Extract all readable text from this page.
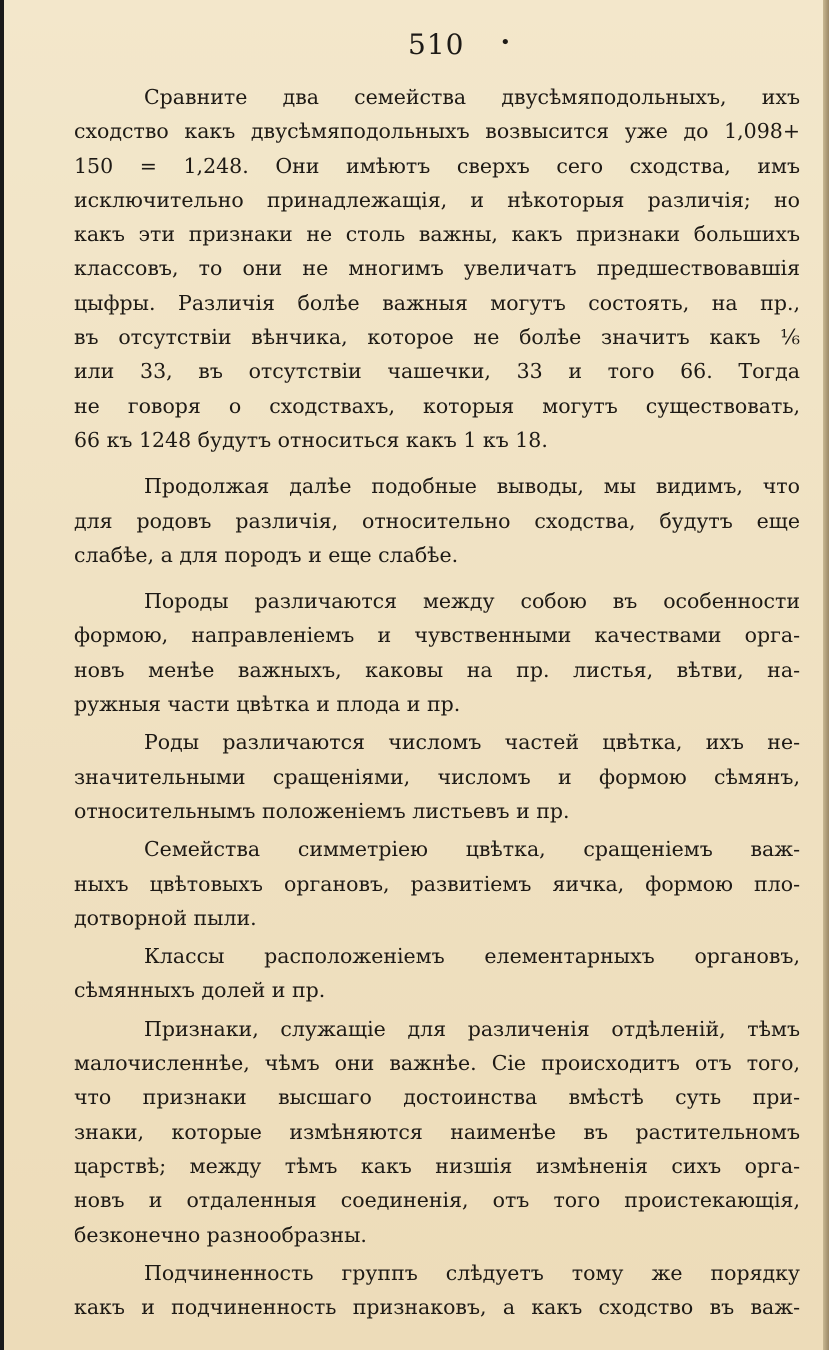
510 •
Сравните два семейства двусѣмяподольныхъ, ихъ
сходство какъ двусѣмяподольныхъ возвысится уже до 1,098+
150 = 1,248. Они имѣютъ сверхъ сего сходства, имъ
исключительно принадлежащія, и нѣкоторыя различія; но
какъ эти признаки не столь важны, какъ признаки большихъ
классовъ, то они не многимъ увеличатъ предшествовавшія
цыфры. Различія болѣе важныя могутъ состоять, на пр.,
въ отсутствіи вѣнчика, которое не болѣе значитъ какъ ⅙
или 33, въ отсутствіи чашечки, 33 и того 66. Тогда
не говоря о сходствахъ, которыя могутъ существовать,
66 къ 1248 будутъ относиться какъ 1 къ 18.
Продолжая далѣе подобные выводы, мы видимъ, что
для родовъ различія, относительно сходства, будутъ еще
слабѣе, а для породъ и еще слабѣе.
Породы различаются между собою въ особенности
формою, направленіемъ и чувственными качествами орга-
новъ менѣе важныхъ, каковы на пр. листья, вѣтви, на-
ружныя части цвѣтка и плода и пр.
Роды различаются числомъ частей цвѣтка, ихъ не-
значительными сращеніями, числомъ и формою сѣмянъ,
относительнымъ положеніемъ листьевъ и пр.
Семейства симметріею цвѣтка, сращеніемъ важ-
ныхъ цвѣтовыхъ органовъ, развитіемъ яичка, формою пло-
дотворной пыли.
Классы расположеніемъ елементарныхъ органовъ,
сѣмянныхъ долей и пр.
Признаки, служащіе для различенія отдѣленій, тѣмъ
малочисленнѣе, чѣмъ они важнѣе. Сіе происходитъ отъ того,
что признаки высшаго достоинства вмѣстѣ суть при-
знаки, которые измѣняются наименѣе въ растительномъ
царствѣ; между тѣмъ какъ низшія измѣненія сихъ орга-
новъ и отдаленныя соединенія, отъ того проистекающія,
безконечно разнообразны.
Подчиненность группъ слѣдуетъ тому же порядку
какъ и подчиненность признаковъ, а какъ сходство въ важ-
